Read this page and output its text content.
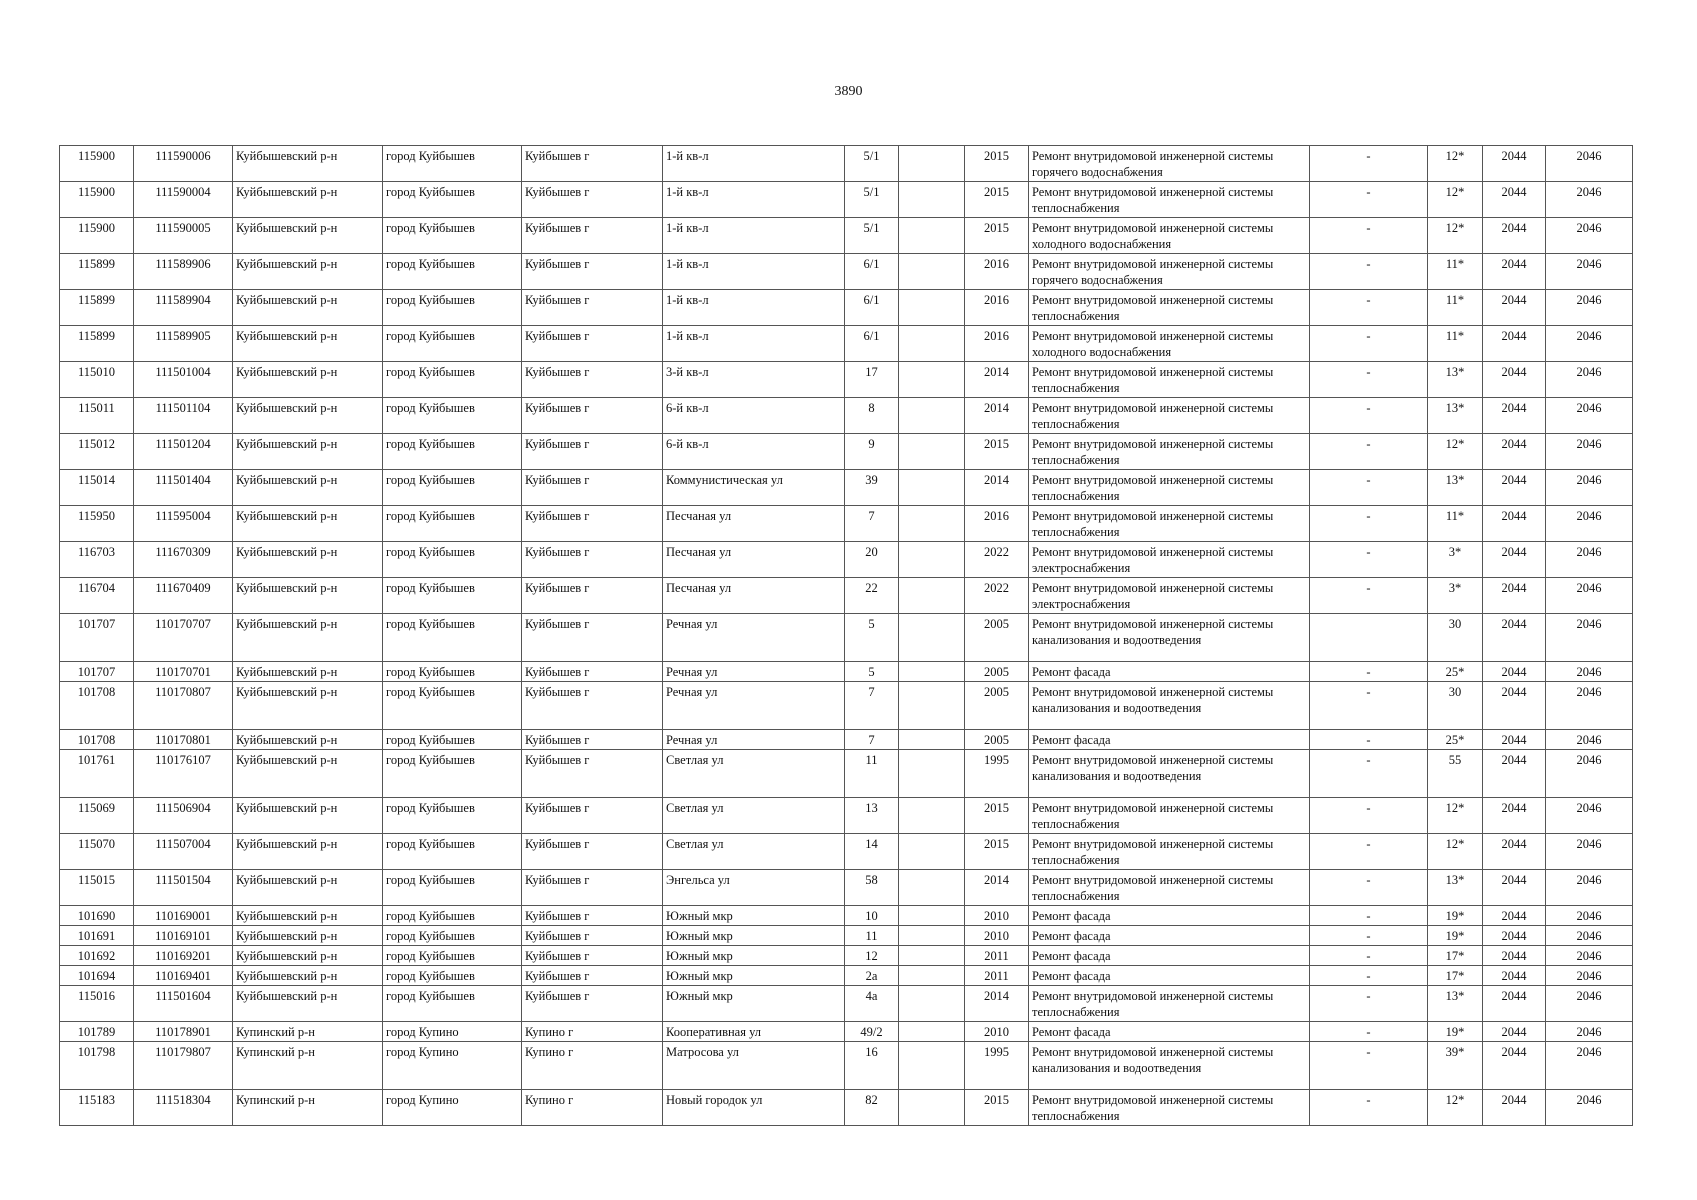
3890
115900	111590006	Куйбышевский р-н	город Куйбышев	Куйбышев г	1-й кв-л	5/1		2015	Ремонт внутридомовой инженерной системы горячего водоснабжения	-	12*	2044	2046
115900	111590004	Куйбышевский р-н	город Куйбышев	Куйбышев г	1-й кв-л	5/1		2015	Ремонт внутридомовой инженерной системы теплоснабжения	-	12*	2044	2046
115900	111590005	Куйбышевский р-н	город Куйбышев	Куйбышев г	1-й кв-л	5/1		2015	Ремонт внутридомовой инженерной системы холодного водоснабжения	-	12*	2044	2046
115899	111589906	Куйбышевский р-н	город Куйбышев	Куйбышев г	1-й кв-л	6/1		2016	Ремонт внутридомовой инженерной системы горячего водоснабжения	-	11*	2044	2046
115899	111589904	Куйбышевский р-н	город Куйбышев	Куйбышев г	1-й кв-л	6/1		2016	Ремонт внутридомовой инженерной системы теплоснабжения	-	11*	2044	2046
115899	111589905	Куйбышевский р-н	город Куйбышев	Куйбышев г	1-й кв-л	6/1		2016	Ремонт внутридомовой инженерной системы холодного водоснабжения	-	11*	2044	2046
115010	111501004	Куйбышевский р-н	город Куйбышев	Куйбышев г	3-й кв-л	17		2014	Ремонт внутридомовой инженерной системы теплоснабжения	-	13*	2044	2046
115011	111501104	Куйбышевский р-н	город Куйбышев	Куйбышев г	6-й кв-л	8		2014	Ремонт внутридомовой инженерной системы теплоснабжения	-	13*	2044	2046
115012	111501204	Куйбышевский р-н	город Куйбышев	Куйбышев г	6-й кв-л	9		2015	Ремонт внутридомовой инженерной системы теплоснабжения	-	12*	2044	2046
115014	111501404	Куйбышевский р-н	город Куйбышев	Куйбышев г	Коммунистическая ул	39		2014	Ремонт внутридомовой инженерной системы теплоснабжения	-	13*	2044	2046
115950	111595004	Куйбышевский р-н	город Куйбышев	Куйбышев г	Песчаная ул	7		2016	Ремонт внутридомовой инженерной системы теплоснабжения	-	11*	2044	2046
116703	111670309	Куйбышевский р-н	город Куйбышев	Куйбышев г	Песчаная ул	20		2022	Ремонт внутридомовой инженерной системы электроснабжения	-	3*	2044	2046
116704	111670409	Куйбышевский р-н	город Куйбышев	Куйбышев г	Песчаная ул	22		2022	Ремонт внутридомовой инженерной системы электроснабжения	-	3*	2044	2046
101707	110170707	Куйбышевский р-н	город Куйбышев	Куйбышев г	Речная ул	5		2005	Ремонт внутридомовой инженерной системы канализования и водоотведения		30	2044	2046
101707	110170701	Куйбышевский р-н	город Куйбышев	Куйбышев г	Речная ул	5		2005	Ремонт фасада	-	25*	2044	2046
101708	110170807	Куйбышевский р-н	город Куйбышев	Куйбышев г	Речная ул	7		2005	Ремонт внутридомовой инженерной системы канализования и водоотведения	-	30	2044	2046
101708	110170801	Куйбышевский р-н	город Куйбышев	Куйбышев г	Речная ул	7		2005	Ремонт фасада	-	25*	2044	2046
101761	110176107	Куйбышевский р-н	город Куйбышев	Куйбышев г	Светлая ул	11		1995	Ремонт внутридомовой инженерной системы канализования и водоотведения	-	55	2044	2046
115069	111506904	Куйбышевский р-н	город Куйбышев	Куйбышев г	Светлая ул	13		2015	Ремонт внутридомовой инженерной системы теплоснабжения	-	12*	2044	2046
115070	111507004	Куйбышевский р-н	город Куйбышев	Куйбышев г	Светлая ул	14		2015	Ремонт внутридомовой инженерной системы теплоснабжения	-	12*	2044	2046
115015	111501504	Куйбышевский р-н	город Куйбышев	Куйбышев г	Энгельса ул	58		2014	Ремонт внутридомовой инженерной системы теплоснабжения	-	13*	2044	2046
101690	110169001	Куйбышевский р-н	город Куйбышев	Куйбышев г	Южный мкр	10		2010	Ремонт фасада	-	19*	2044	2046
101691	110169101	Куйбышевский р-н	город Куйбышев	Куйбышев г	Южный мкр	11		2010	Ремонт фасада	-	19*	2044	2046
101692	110169201	Куйбышевский р-н	город Куйбышев	Куйбышев г	Южный мкр	12		2011	Ремонт фасада	-	17*	2044	2046
101694	110169401	Куйбышевский р-н	город Куйбышев	Куйбышев г	Южный мкр	2а		2011	Ремонт фасада	-	17*	2044	2046
115016	111501604	Куйбышевский р-н	город Куйбышев	Куйбышев г	Южный мкр	4а		2014	Ремонт внутридомовой инженерной системы теплоснабжения	-	13*	2044	2046
101789	110178901	Купинский р-н	город Купино	Купино г	Кооперативная ул	49/2		2010	Ремонт фасада	-	19*	2044	2046
101798	110179807	Купинский р-н	город Купино	Купино г	Матросова ул	16		1995	Ремонт внутридомовой инженерной системы канализования и водоотведения	-	39*	2044	2046
115183	111518304	Купинский р-н	город Купино	Купино г	Новый городок ул	82		2015	Ремонт внутридомовой инженерной системы теплоснабжения	-	12*	2044	2046
